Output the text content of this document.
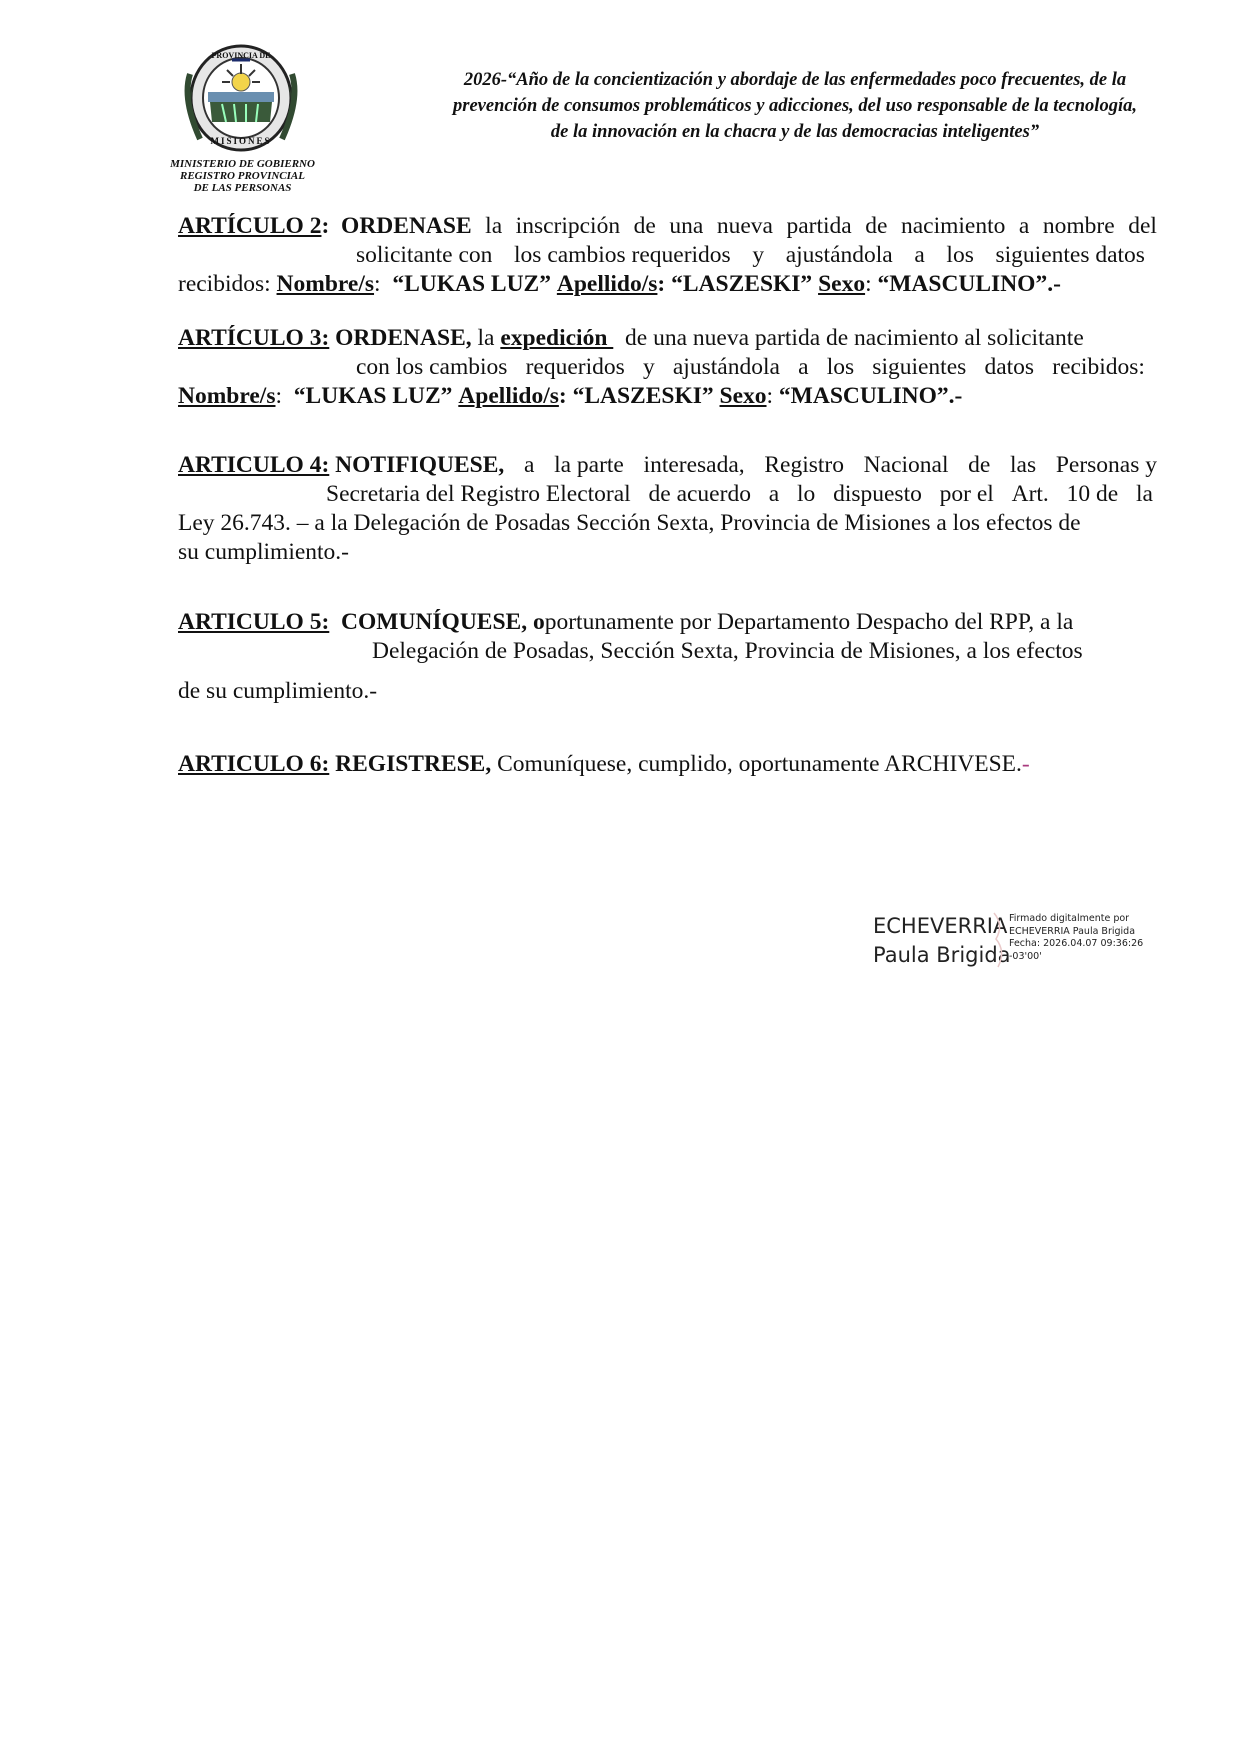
PROVINCIA DE
MISIONES
MINISTERIO DE GOBIERNO
REGISTRO PROVINCIAL
DE LAS PERSONAS
2026-“Año de la concientización y abordaje de las enfermedades poco frecuentes, de la
prevención de consumos problemáticos y adicciones, del uso responsable de la tecnología,
de la innovación en la chacra y de las democracias inteligentes”
ARTÍCULO 2: ORDENASE la inscripción de una nueva partida de nacimiento a nombre del
solicitante con los cambios requeridos y ajustándola a los siguientes datos
recibidos: Nombre/s:  “LUKAS LUZ” Apellido/s: “LASZESKI” Sexo: “MASCULINO”.-
ARTÍCULO 3: ORDENASE, la expedición   de una nueva partida de nacimiento al solicitante
con los cambios requeridos y ajustándola a los siguientes datos recibidos:
Nombre/s:  “LUKAS LUZ” Apellido/s: “LASZESKI” Sexo: “MASCULINO”.-
ARTICULO 4: NOTIFIQUESE, a la parte interesada, Registro Nacional de las Personas y
Secretaria del Registro Electoral de acuerdo a lo dispuesto por el Art. 10 de la
Ley 26.743. – a la Delegación de Posadas Sección Sexta, Provincia de Misiones a los efectos de
su cumplimiento.-
ARTICULO 5: COMUNÍQUESE, oportunamente por Departamento Despacho del RPP, a la
Delegación de Posadas, Sección Sexta, Provincia de Misiones, a los efectos
de su cumplimiento.-
ARTICULO 6: REGISTRESE, Comuníquese, cumplido, oportunamente ARCHIVESE.-
ECHEVERRIA
Paula Brigida
Firmado digitalmente por
ECHEVERRIA Paula Brigida
Fecha: 2026.04.07 09:36:26
-03'00'
